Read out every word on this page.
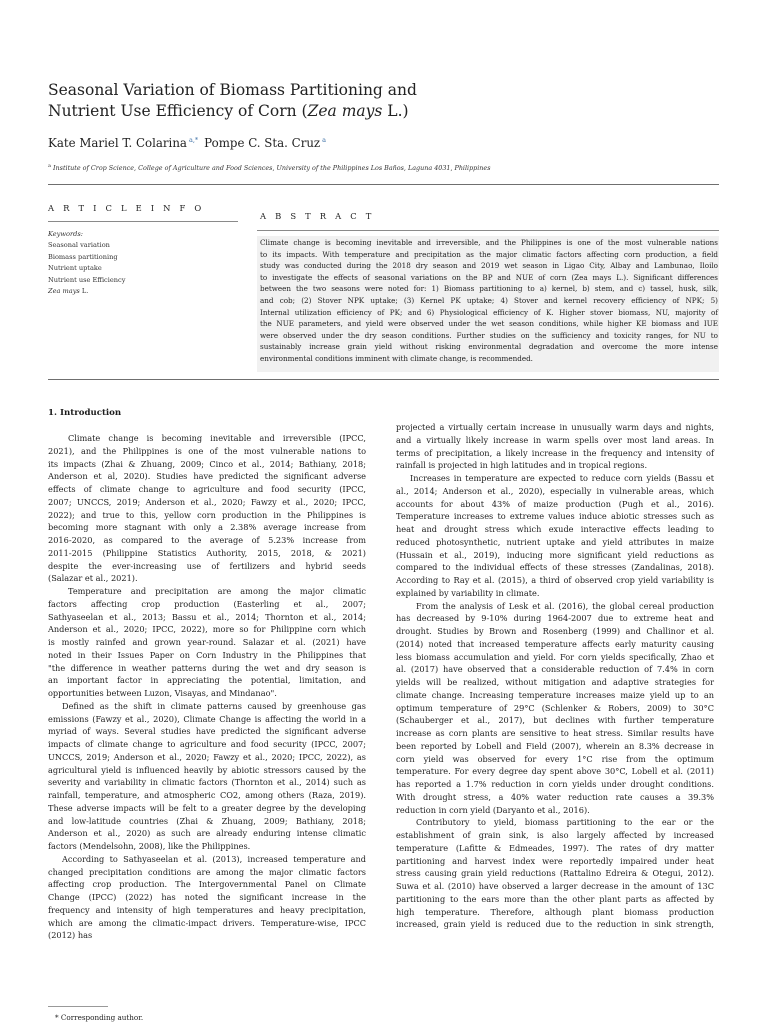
Seasonal Variation of Biomass Partitioning and
Nutrient Use Efficiency of Corn (Zea mays L.)
Kate Mariel T. Colarina $^{a,*}$ Pompe C. Sta. Cruz $^a$
$^a$ Institute of Crop Science, College of Agriculture and Food Sciences, University of the Philippines Los Baños, Laguna 4031, Philippines
A R T I C L E I N F O
Keywords:
Seasonal variation
Biomass partitioning
Nutrient uptake
Nutrient use Efficiency
Zea mays L.
A B S T R A C T
Climate change is becoming inevitable and irreversible, and the Philippines is one of the most vulnerable nations
to its impacts. With temperature and precipitation as the major climatic factors affecting corn production, a field
study was conducted during the 2018 dry season and 2019 wet season in Ligao City, Albay and Lambunao, Iloilo
to investigate the effects of seasonal variations on the BP and NUE of corn (Zea mays L.). Significant differences
between the two seasons were noted for: 1) Biomass partitioning to a) kernel, b) stem, and c) tassel, husk, silk,
and cob; (2) Stover NPK uptake; (3) Kernel PK uptake; 4) Stover and kernel recovery efficiency of NPK; 5)
Internal utilization efficiency of PK; and 6) Physiological efficiency of K. Higher stover biomass, NU, majority of
the NUE parameters, and yield were observed under the wet season conditions, while higher KE biomass and IUE
were observed under the dry season conditions. Further studies on the sufficiency and toxicity ranges, for NU to
sustainably increase grain yield without risking environmental degradation and overcome the more intense
environmental conditions imminent with climate change, is recommended.
1. Introduction
Climate change is becoming inevitable and irreversible (IPCC,
2021), and the Philippines is one of the most vulnerable nations to
its impacts (Zhai & Zhuang, 2009; Cinco et al., 2014; Bathiany, 2018;
Anderson et al, 2020). Studies have predicted the significant adverse
effects of climate change to agriculture and food security (IPCC,
2007; UNCCS, 2019; Anderson et al., 2020; Fawzy et al., 2020; IPCC,
2022); and true to this, yellow corn production in the Philippines is
becoming more stagnant with only a 2.38% average increase from
2016-2020, as compared to the average of 5.23% increase from
2011-2015 (Philippine Statistics Authority, 2015, 2018, & 2021)
despite the ever-increasing use of fertilizers and hybrid seeds
(Salazar et al., 2021).
Temperature and precipitation are among the major climatic
factors affecting crop production (Easterling et al., 2007;
Sathyaseelan et al., 2013; Bassu et al., 2014; Thornton et al., 2014;
Anderson et al., 2020; IPCC, 2022), more so for Philippine corn which
is mostly rainfed and grown year-round. Salazar et al. (2021) have
noted in their Issues Paper on Corn Industry in the Philippines that
"the difference in weather patterns during the wet and dry season is
an important factor in appreciating the potential, limitation, and
opportunities between Luzon, Visayas, and Mindanao".
Defined as the shift in climate patterns caused by greenhouse gas
emissions (Fawzy et al., 2020), Climate Change is affecting the world in a
myriad of ways. Several studies have predicted the significant adverse
impacts of climate change to agriculture and food security (IPCC, 2007;
UNCCS, 2019; Anderson et al., 2020; Fawzy et al., 2020; IPCC, 2022), as
agricultural yield is influenced heavily by abiotic stressors caused by the
severity and variability in climatic factors (Thornton et al., 2014) such as
rainfall, temperature, and atmospheric CO2, among others (Raza, 2019).
These adverse impacts will be felt to a greater degree by the developing
and low-latitude countries (Zhai & Zhuang, 2009; Bathiany, 2018;
Anderson et al., 2020) as such are already enduring intense climatic
factors (Mendelsohn, 2008), like the Philippines.
According to Sathyaseelan et al. (2013), increased temperature and
changed precipitation conditions are among the major climatic factors
affecting crop production. The Intergovernmental Panel on Climate
Change (IPCC) (2022) has noted the significant increase in the
frequency and intensity of high temperatures and heavy precipitation,
which are among the climatic-impact drivers. Temperature-wise, IPCC
(2012) has
projected a virtually certain increase in unusually warm days and nights,
and a virtually likely increase in warm spells over most land areas. In
terms of precipitation, a likely increase in the frequency and intensity of
rainfall is projected in high latitudes and in tropical regions.
Increases in temperature are expected to reduce corn yields (Bassu et
al., 2014; Anderson et al., 2020), especially in vulnerable areas, which
accounts for about 43% of maize production (Pugh et al., 2016).
Temperature increases to extreme values induce abiotic stresses such as
heat and drought stress which exude interactive effects leading to
reduced photosynthetic, nutrient uptake and yield attributes in maize
(Hussain et al., 2019), inducing more significant yield reductions as
compared to the individual effects of these stresses (Zandalinas, 2018).
According to Ray et al. (2015), a third of observed crop yield variability is
explained by variability in climate.
From the analysis of Lesk et al. (2016), the global cereal production
has decreased by 9-10% during 1964-2007 due to extreme heat and
drought. Studies by Brown and Rosenberg (1999) and Challinor et al.
(2014) noted that increased temperature affects early maturity causing
less biomass accumulation and yield. For corn yields specifically, Zhao et
al. (2017) have observed that a considerable reduction of 7.4% in corn
yields will be realized, without mitigation and adaptive strategies for
climate change. Increasing temperature increases maize yield up to an
optimum temperature of 29°C (Schlenker & Robers, 2009) to 30°C
(Schauberger et al., 2017), but declines with further temperature
increase as corn plants are sensitive to heat stress. Similar results have
been reported by Lobell and Field (2007), wherein an 8.3% decrease in
corn yield was observed for every 1°C rise from the optimum
temperature. For every degree day spent above 30°C, Lobell et al. (2011)
has reported a 1.7% reduction in corn yields under drought conditions.
With drought stress, a 40% water reduction rate causes a 39.3%
reduction in corn yield (Daryanto et al., 2016).
Contributory to yield, biomass partitioning to the ear or the
establishment of grain sink, is also largely affected by increased
temperature (Lafitte & Edmeades, 1997). The rates of dry matter
partitioning and harvest index were reportedly impaired under heat
stress causing grain yield reductions (Rattalino Edreira & Otegui, 2012).
Suwa et al. (2010) have observed a larger decrease in the amount of 13C
partitioning to the ears more than the other plant parts as affected by
high temperature. Therefore, although plant biomass production
increased, grain yield is reduced due to the reduction in sink strength,
* Corresponding author.
